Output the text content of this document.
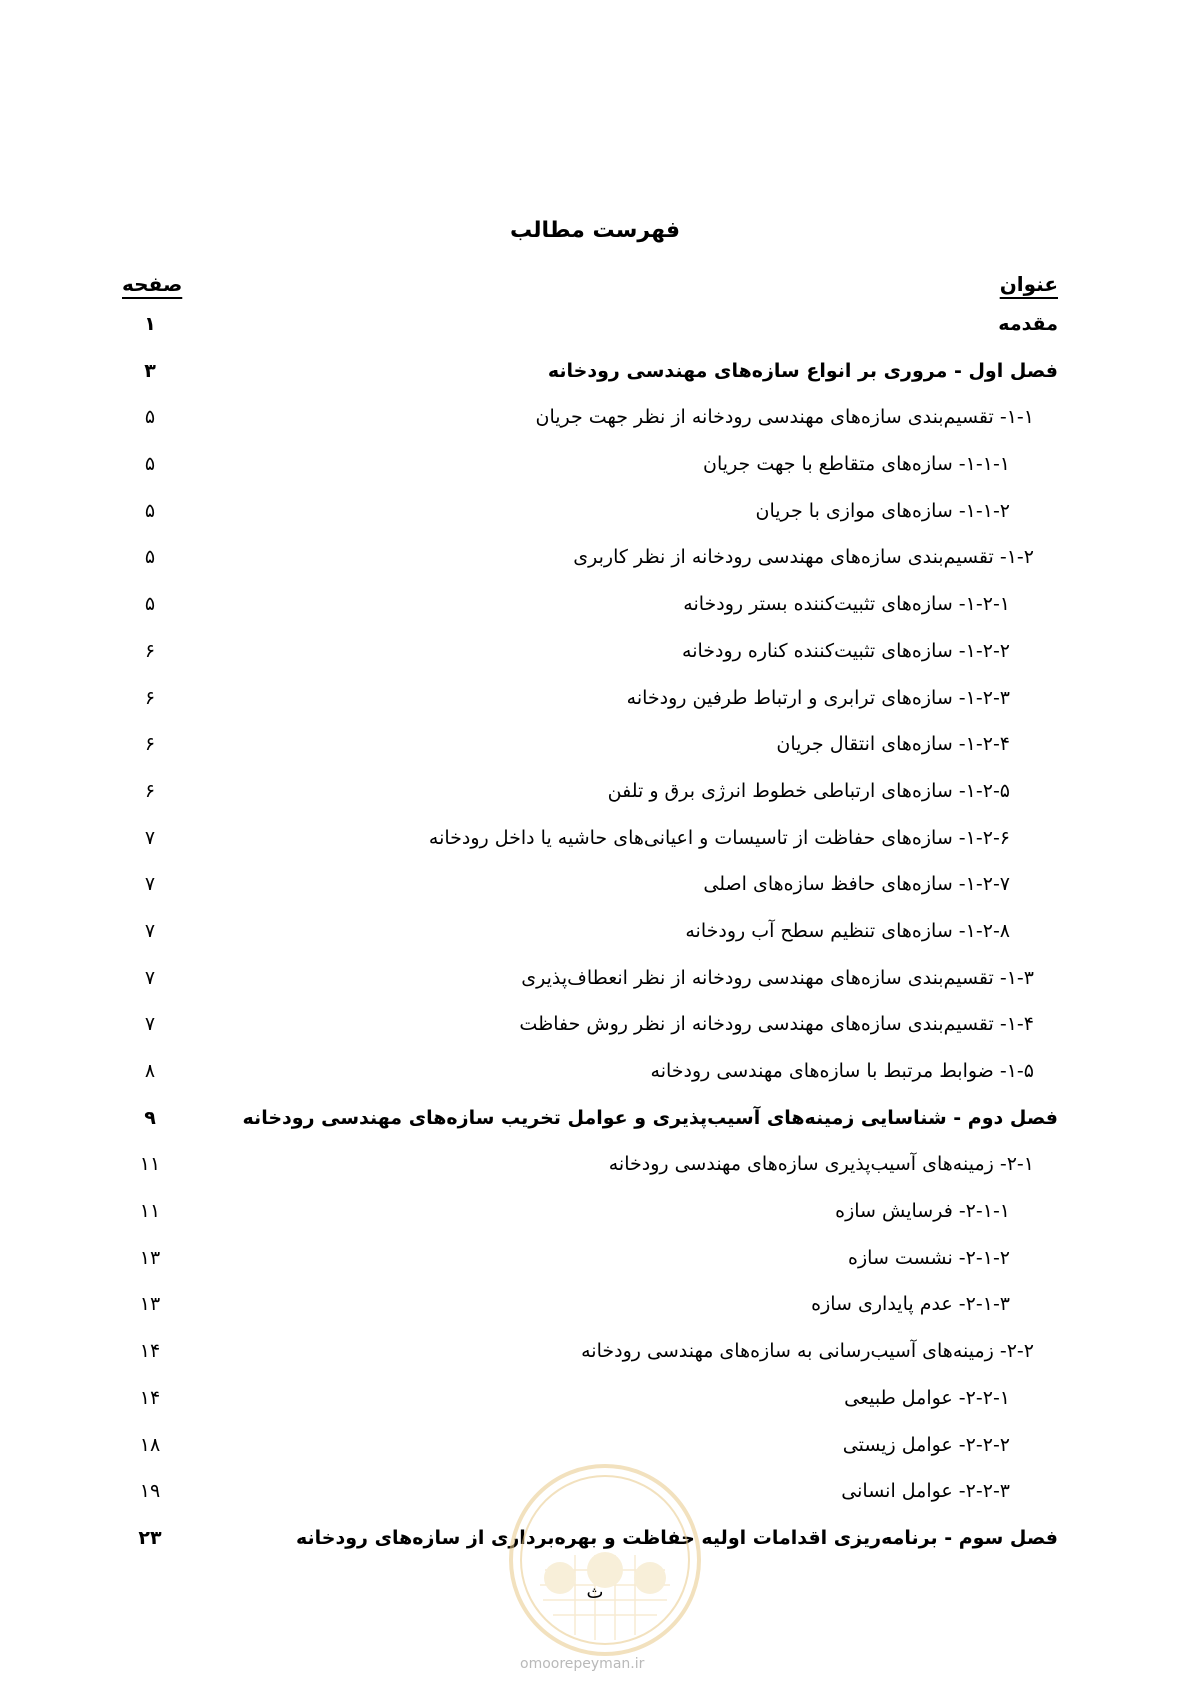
فهرست مطالب
عنوان
صفحه
مقدمه
۱
فصل اول - مروری بر انواع سازه‌های مهندسی رودخانه
۳
۱-۱- تقسیم‌بندی سازه‌های مهندسی رودخانه از نظر جهت جریان
۵
۱-۱-۱- سازه‌های متقاطع با جهت جریان
۵
۱-۱-۲- سازه‌های موازی با جریان
۵
۱-۲- تقسیم‌بندی سازه‌های مهندسی رودخانه از نظر کاربری
۵
۱-۲-۱- سازه‌های تثبیت‌کننده بستر رودخانه
۵
۱-۲-۲- سازه‌های تثبیت‌کننده کناره رودخانه
۶
۱-۲-۳- سازه‌های ترابری و ارتباط طرفین رودخانه
۶
۱-۲-۴- سازه‌های انتقال جریان
۶
۱-۲-۵- سازه‌های ارتباطی خطوط انرژی برق و تلفن
۶
۱-۲-۶- سازه‌های حفاظت از تاسیسات و اعیانی‌های حاشیه یا داخل رودخانه
۷
۱-۲-۷- سازه‌های حافظ سازه‌های اصلی
۷
۱-۲-۸- سازه‌های تنظیم سطح آب رودخانه
۷
۱-۳- تقسیم‌بندی سازه‌های مهندسی رودخانه از نظر انعطاف‌پذیری
۷
۱-۴- تقسیم‌بندی سازه‌های مهندسی رودخانه از نظر روش حفاظت
۷
۱-۵- ضوابط مرتبط با سازه‌های مهندسی رودخانه
۸
فصل دوم - شناسایی زمینه‌های آسیب‌پذیری و عوامل تخریب سازه‌های مهندسی رودخانه
۹
۲-۱- زمینه‌های آسیب‌پذیری سازه‌های مهندسی رودخانه
۱۱
۲-۱-۱- فرسایش سازه
۱۱
۲-۱-۲- نشست سازه
۱۳
۲-۱-۳- عدم پایداری سازه
۱۳
۲-۲- زمینه‌های آسیب‌رسانی به سازه‌های مهندسی رودخانه
۱۴
۲-۲-۱- عوامل طبیعی
۱۴
۲-۲-۲- عوامل زیستی
۱۸
۲-۲-۳- عوامل انسانی
۱۹
فصل سوم - برنامه‌ریزی اقدامات اولیه حفاظت و بهره‌برداری از سازه‌های رودخانه
۲۳
ث
omoorepeyman.ir
